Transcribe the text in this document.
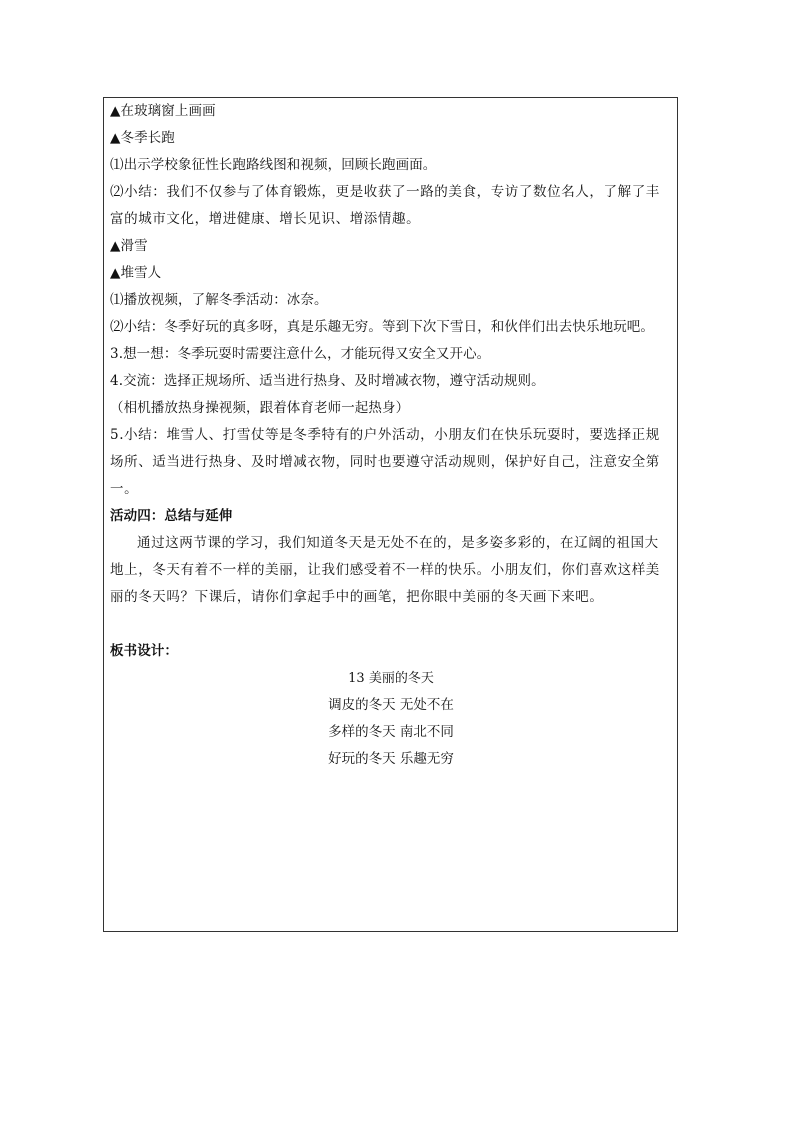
▲在玻璃窗上画画
▲冬季长跑
⑴出示学校象征性长跑路线图和视频，回顾长跑画面。
⑵小结：我们不仅参与了体育锻炼，更是收获了一路的美食，专访了数位名人，了解了丰富的城市文化，增进健康、增长见识、增添情趣。
▲滑雪
▲堆雪人
⑴播放视频，了解冬季活动：冰奈。
⑵小结：冬季好玩的真多呀，真是乐趣无穷。等到下次下雪日，和伙伴们出去快乐地玩吧。
3.想一想：冬季玩耍时需要注意什么，才能玩得又安全又开心。
4.交流：选择正规场所、适当进行热身、及时增减衣物，遵守活动规则。
（相机播放热身操视频，跟着体育老师一起热身）
5.小结：堆雪人、打雪仗等是冬季特有的户外活动，小朋友们在快乐玩耍时，要选择正规场所、适当进行热身、及时增减衣物，同时也要遵守活动规则，保护好自己，注意安全第一。
活动四：总结与延伸
通过这两节课的学习，我们知道冬天是无处不在的，是多姿多彩的，在辽阔的祖国大地上，冬天有着不一样的美丽，让我们感受着不一样的快乐。小朋友们，你们喜欢这样美丽的冬天吗？下课后，请你们拿起手中的画笔，把你眼中美丽的冬天画下来吧。
板书设计：
13 美丽的冬天
调皮的冬天 无处不在
多样的冬天 南北不同
好玩的冬天 乐趣无穷
